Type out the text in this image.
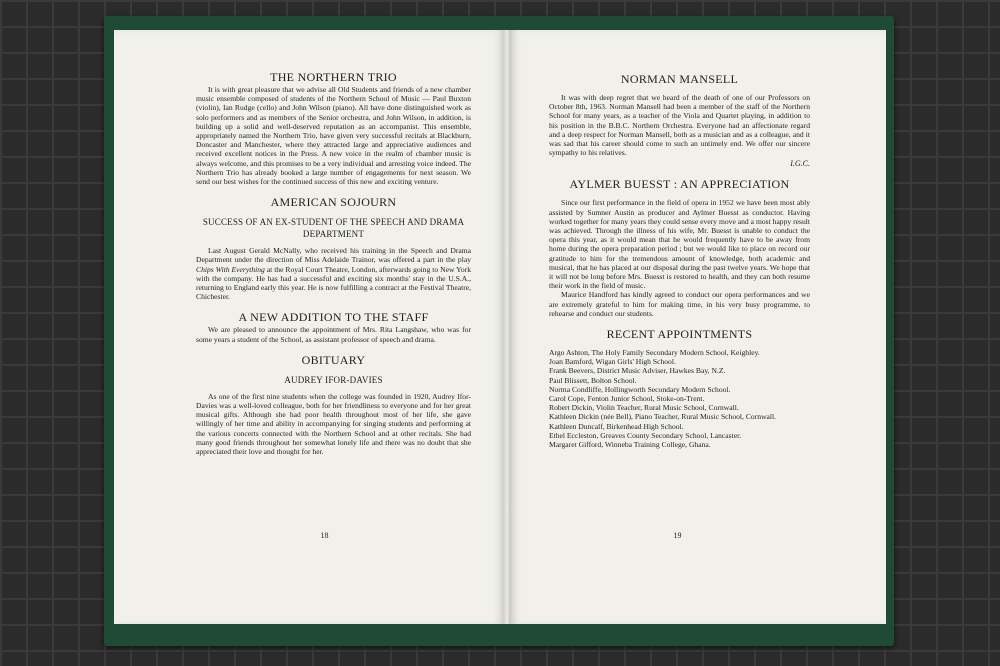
THE NORTHERN TRIO

It is with great pleasure that we advise all Old Students and friends of a new chamber music ensemble composed of students of the Northern School of Music — Paul Buxton (violin), Ian Rudge (cello) and John Wilson (piano). All have done distinguished work as solo performers and as members of the Senior orchestra, and John Wilson, in addition, is building up a solid and well-deserved reputation as an accompanist. This ensemble, appropriately named the Northern Trio, have given very successful recitals at Blackburn, Doncaster and Manchester, where they attracted large and appreciative audiences and received excellent notices in the Press. A new voice in the realm of chamber music is always welcome, and this promises to be a very individual and arresting voice indeed. The Northern Trio has already booked a large number of engagements for next season. We send our best wishes for the continued success of this new and exciting venture.

AMERICAN SOJOURN
SUCCESS OF AN EX-STUDENT OF THE SPEECH AND DRAMA DEPARTMENT

Last August Gerald McNally, who received his training in the Speech and Drama Department under the direction of Miss Adelaide Trainor, was offered a part in the play Chips With Everything at the Royal Court Theatre, London, afterwards going to New York with the company. He has had a successful and exciting six months' stay in the U.S.A., returning to England early this year. He is now fulfilling a contract at the Festival Theatre, Chichester.

A NEW ADDITION TO THE STAFF

We are pleased to announce the appointment of Mrs. Rita Langshaw, who was for some years a student of the School, as assistant professor of speech and drama.

OBITUARY
AUDREY IFOR-DAVIES

As one of the first nine students when the college was founded in 1920, Audrey Ifor-Davies was a well-loved colleague, both for her friendliness to everyone and for her great musical gifts. Although she had poor health throughout most of her life, she gave willingly of her time and ability in accompanying for singing students and performing at the various concerts connected with the Northern School and at other recitals. She had many good friends throughout her somewhat lonely life and there was no doubt that she appreciated their love and thought for her.

18
NORMAN MANSELL

It was with deep regret that we heard of the death of one of our Professors on October 8th, 1963. Norman Mansell had been a member of the staff of the Northern School for many years, as a teacher of the Viola and Quartet playing, in addition to his position in the B.B.C. Northern Orchestra. Everyone had an affectionate regard and a deep respect for Norman Mansell, both as a musician and as a colleague, and it was sad that his career should come to such an untimely end. We offer our sincere sympathy to his relatives.

I.G.C.
AYLMER BUESST : AN APPRECIATION

Since our first performance in the field of opera in 1952 we have been most ably assisted by Sumner Austin as producer and Aylmer Buesst as conductor. Having worked together for many years they could sense every move and a most happy result was achieved. Through the illness of his wife, Mr. Buesst is unable to conduct the opera this year, as it would mean that he would frequently have to be away from home during the opera preparation period ; but we would like to place on record our gratitude to him for the tremendous amount of knowledge, both academic and musical, that he has placed at our disposal during the past twelve years. We hope that it will not be long before Mrs. Buesst is restored to health, and they can both resume their work in the field of music.

Maurice Handford has kindly agreed to conduct our opera performances and we are extremely grateful to him for making time, in his very busy programme, to rehearse and conduct our students.

RECENT APPOINTMENTS
Argo Ashton, The Holy Family Secondary Modern School, Keighley.
Joan Bamford, Wigan Girls' High School.
Frank Beevers, District Music Adviser, Hawkes Bay, N.Z.
Paul Blissett, Bolton School.
Norma Condliffe, Hollingworth Secondary Modern School.
Carol Cope, Fenton Junior School, Stoke-on-Trent.
Robert Dickin, Violin Teacher, Rural Music School, Cornwall.
Kathleen Dickin (née Bell), Piano Teacher, Rural Music School, Cornwall.
Kathleen Duncalf, Birkenhead High School.
Ethel Eccleston, Greaves County Secondary School, Lancaster.
Margaret Gifford, Winneba Training College, Ghana.
19
